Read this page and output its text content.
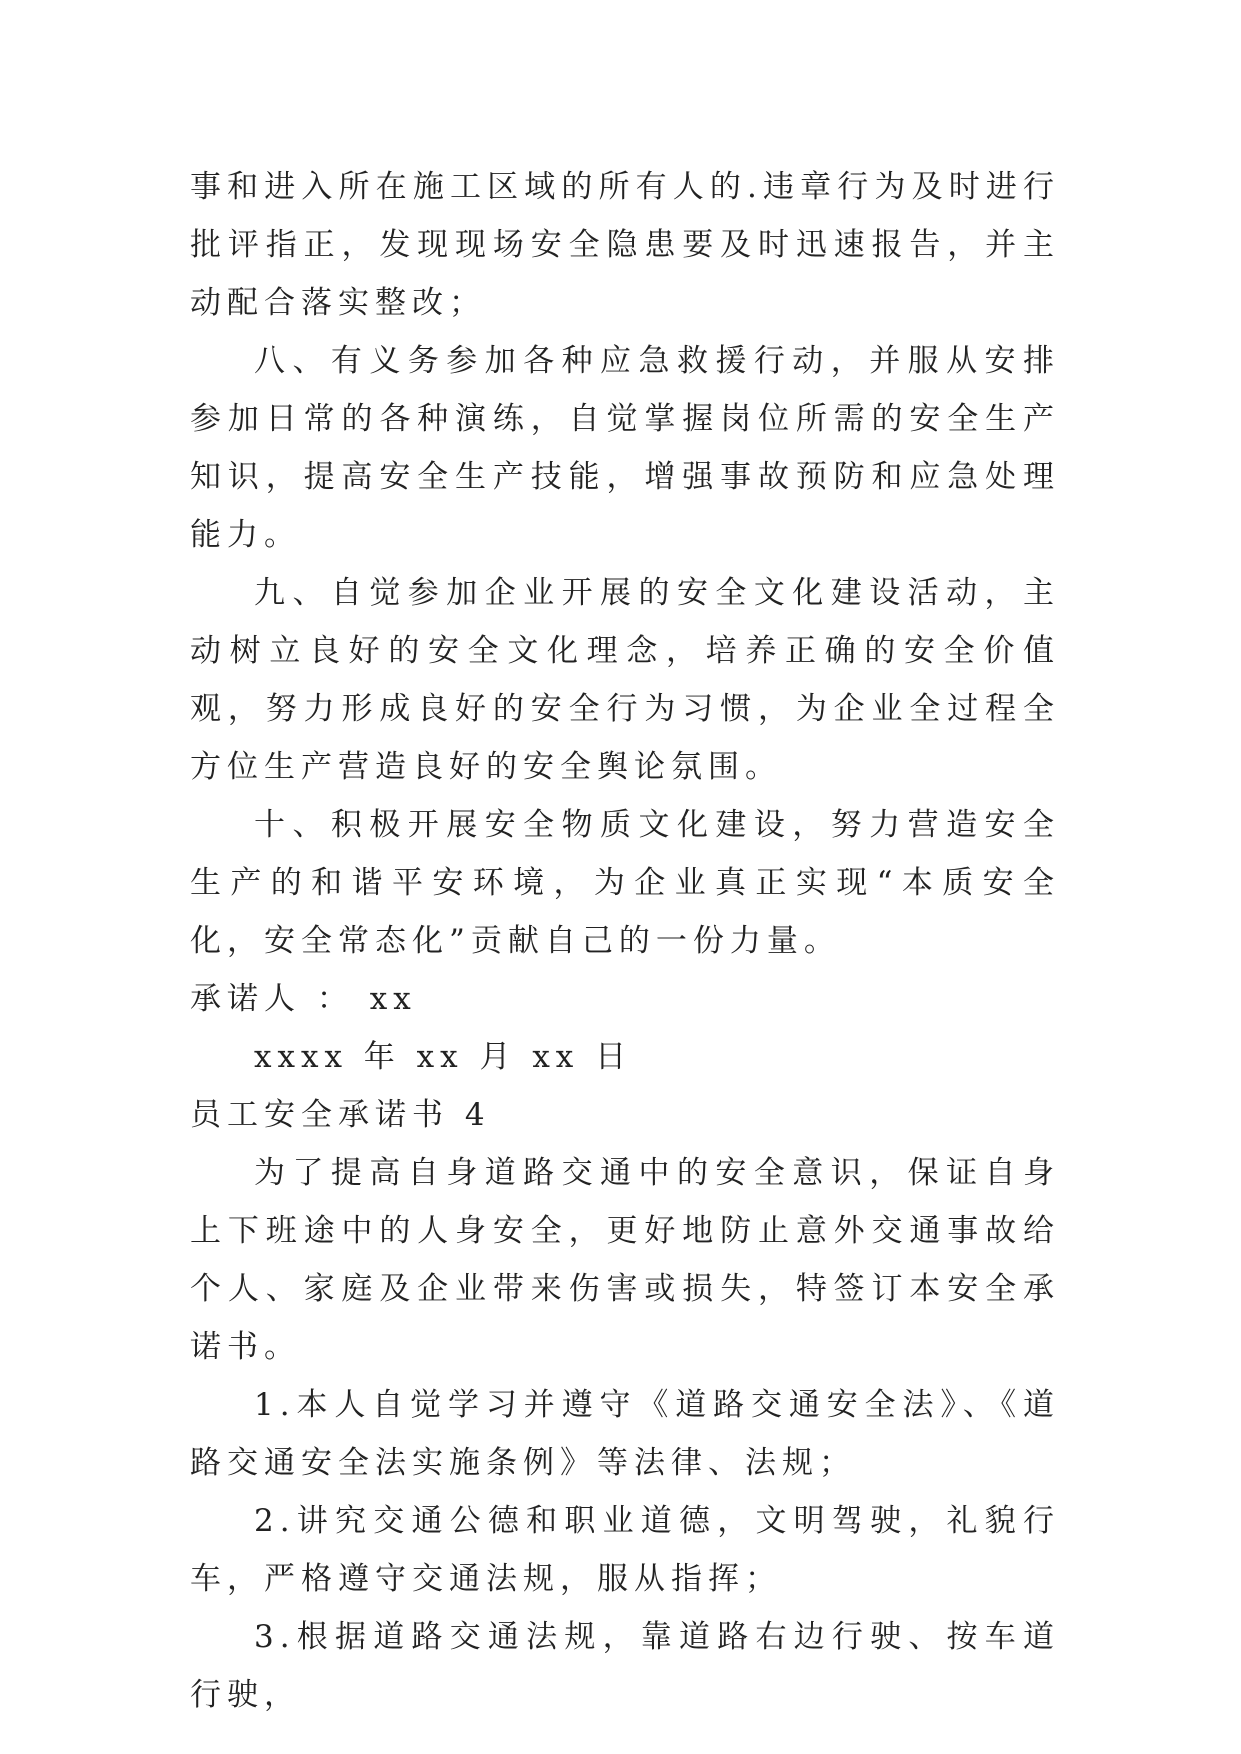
事和进入所在施工区域的所有人的.违章行为及时进行批评指正，发现现场安全隐患要及时迅速报告，并主动配合落实整改；

八、有义务参加各种应急救援行动，并服从安排参加日常的各种演练，自觉掌握岗位所需的安全生产知识，提高安全生产技能，增强事故预防和应急处理能力。

九、自觉参加企业开展的安全文化建设活动，主动树立良好的安全文化理念，培养正确的安全价值观，努力形成良好的安全行为习惯，为企业全过程全方位生产营造良好的安全舆论氛围。

十、积极开展安全物质文化建设，努力营造安全生产的和谐平安环境，为企业真正实现“本质安全化，安全常态化”贡献自己的一份力量。

承诺人 ： xx

xxxx 年 xx 月 xx 日

员工安全承诺书 4

为了提高自身道路交通中的安全意识，保证自身上下班途中的人身安全，更好地防止意外交通事故给个人、家庭及企业带来伤害或损失，特签订本安全承诺书。

1.本人自觉学习并遵守《道路交通安全法》、《道路交通安全法实施条例》等法律、法规；

2.讲究交通公德和职业道德，文明驾驶，礼貌行车，严格遵守交通法规，服从指挥；

3.根据道路交通法规，靠道路右边行驶、按车道行驶，
